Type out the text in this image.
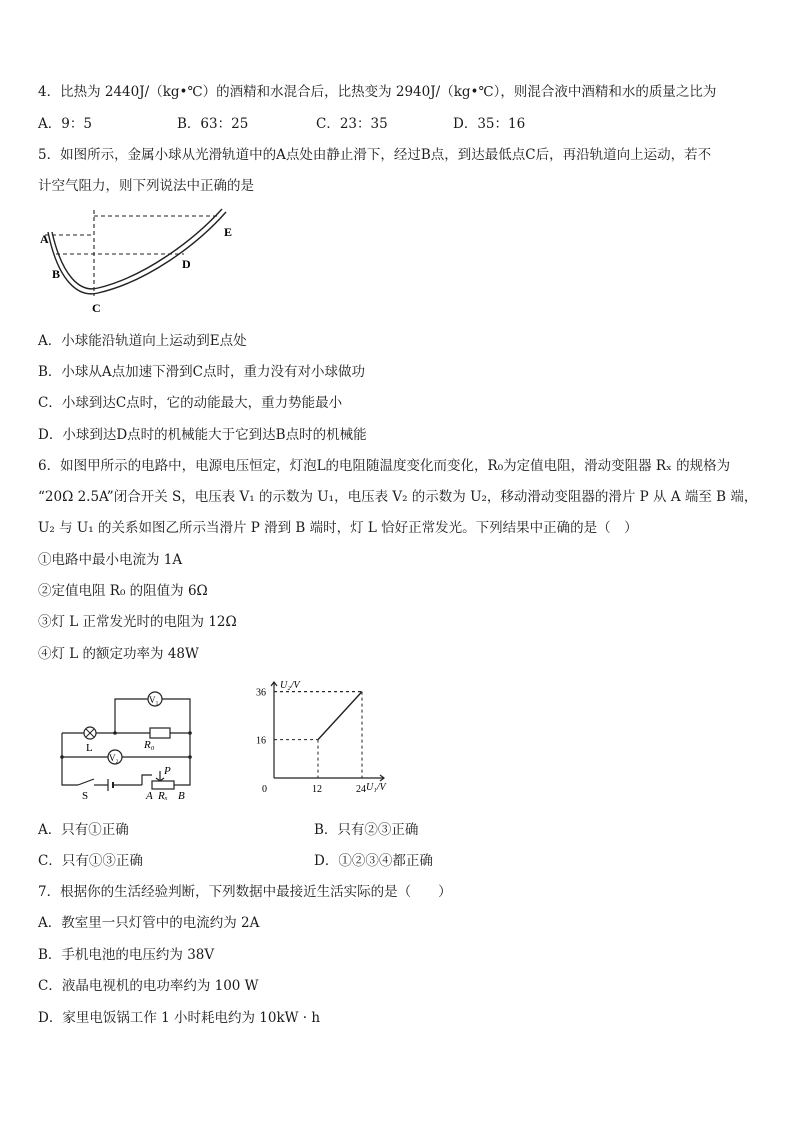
4．比热为 2440J/（kg•℃）的酒精和水混合后，比热变为 2940J/（kg•℃），则混合液中酒精和水的质量之比为
A．9：5	B．63：25	C．23：35	D．35：16
5．如图所示，金属小球从光滑轨道中的A点处由静止滑下，经过B点，到达最低点C后，再沿轨道向上运动，若不
计空气阻力，则下列说法中正确的是
A
B
C
D
E
A．小球能沿轨道向上运动到E点处
B．小球从A点加速下滑到C点时，重力没有对小球做功
C．小球到达C点时，它的动能最大，重力势能最小
D．小球到达D点时的机械能大于它到达B点时的机械能
6．如图甲所示的电路中，电源电压恒定，灯泡L的电阻随温度变化而变化，R₀为定值电阻，滑动变阻器 Rₓ 的规格为
“20Ω 2.5A”闭合开关 S，电压表 V₁ 的示数为 U₁，电压表 V₂ 的示数为 U₂，移动滑动变阻器的滑片 P 从 A 端至 B 端，
U₂ 与 U₁ 的关系如图乙所示当滑片 P 滑到 B 端时，灯 L 恰好正常发光。下列结果中正确的是（　）
①电路中最小电流为 1A
②定值电阻 R₀ 的阻值为 6Ω
③灯 L 正常发光时的电阻为 12Ω
④灯 L 的额定功率为 48W
V₁
V₂
R₀
L
S
P
A Rₓ B
U₂/V
U₁/V
0	12	24
16
36
A．只有①正确	B．只有②③正确
C．只有①③正确	D．①②③④都正确
7．根据你的生活经验判断，下列数据中最接近生活实际的是（　　）
A．教室里一只灯管中的电流约为 2A
B．手机电池的电压约为 38V
C．液晶电视机的电功率约为 100 W
D．家里电饭锅工作 1 小时耗电约为 10kW · h
